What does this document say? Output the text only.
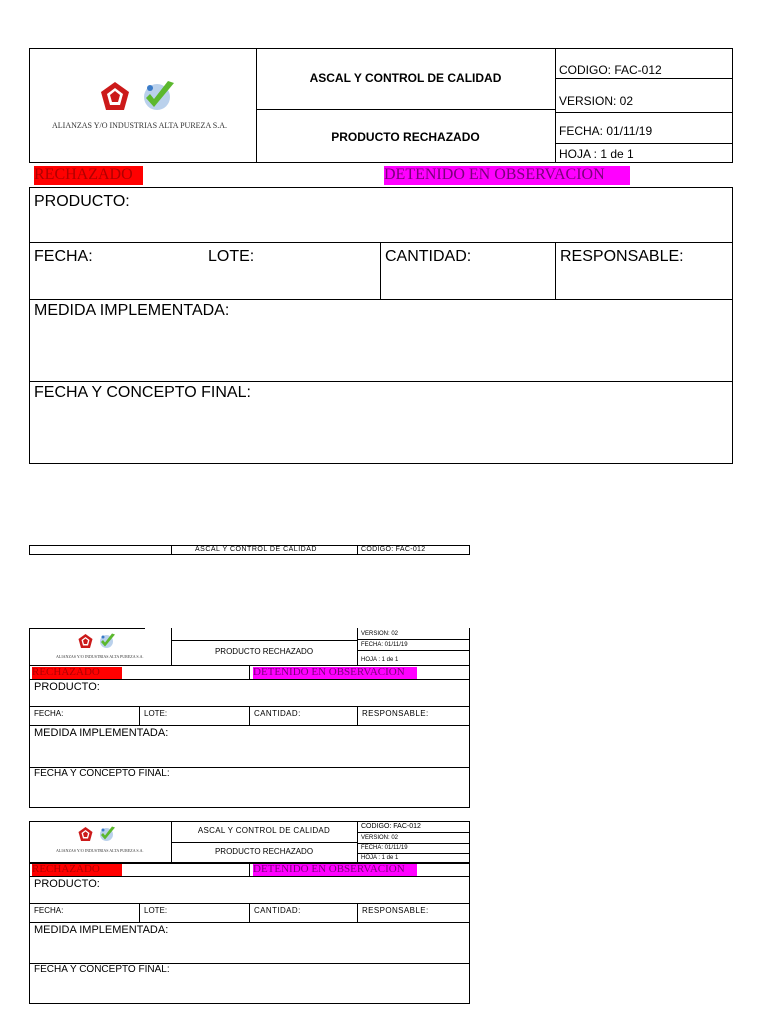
ALIANZAS Y/O INDUSTRIAS ALTA PUREZA S.A.
ASCAL Y CONTROL DE CALIDAD
PRODUCTO RECHAZADO
CODIGO: FAC-012
VERSION: 02
FECHA: 01/11/19
HOJA : 1 de 1
RECHAZADO	DETENIDO EN OBSERVACION
PRODUCTO:
FECHA:	LOTE:	CANTIDAD:	RESPONSABLE:
MEDIDA IMPLEMENTADA:
FECHA Y CONCEPTO FINAL:
ASCAL Y CONTROL DE CALIDAD	CODIGO: FAC-012
ALIANZAS Y/O INDUSTRIAS ALTA PUREZA S.A.
PRODUCTO RECHAZADO
VERSION: 02
FECHA: 01/11/19
HOJA : 1 de 1
RECHAZADO	DETENIDO EN OBSERVACION
PRODUCTO:
FECHA:	LOTE:	CANTIDAD:	RESPONSABLE:
MEDIDA IMPLEMENTADA:
FECHA Y CONCEPTO FINAL:
ALIANZAS Y/O INDUSTRIAS ALTA PUREZA S.A.
ASCAL Y CONTROL DE CALIDAD
PRODUCTO RECHAZADO
CODIGO: FAC-012
VERSION: 02
FECHA: 01/11/19
HOJA : 1 de 1
RECHAZADO	DETENIDO EN OBSERVACION
PRODUCTO:
FECHA:	LOTE:	CANTIDAD:	RESPONSABLE:
MEDIDA IMPLEMENTADA:
FECHA Y CONCEPTO FINAL:
